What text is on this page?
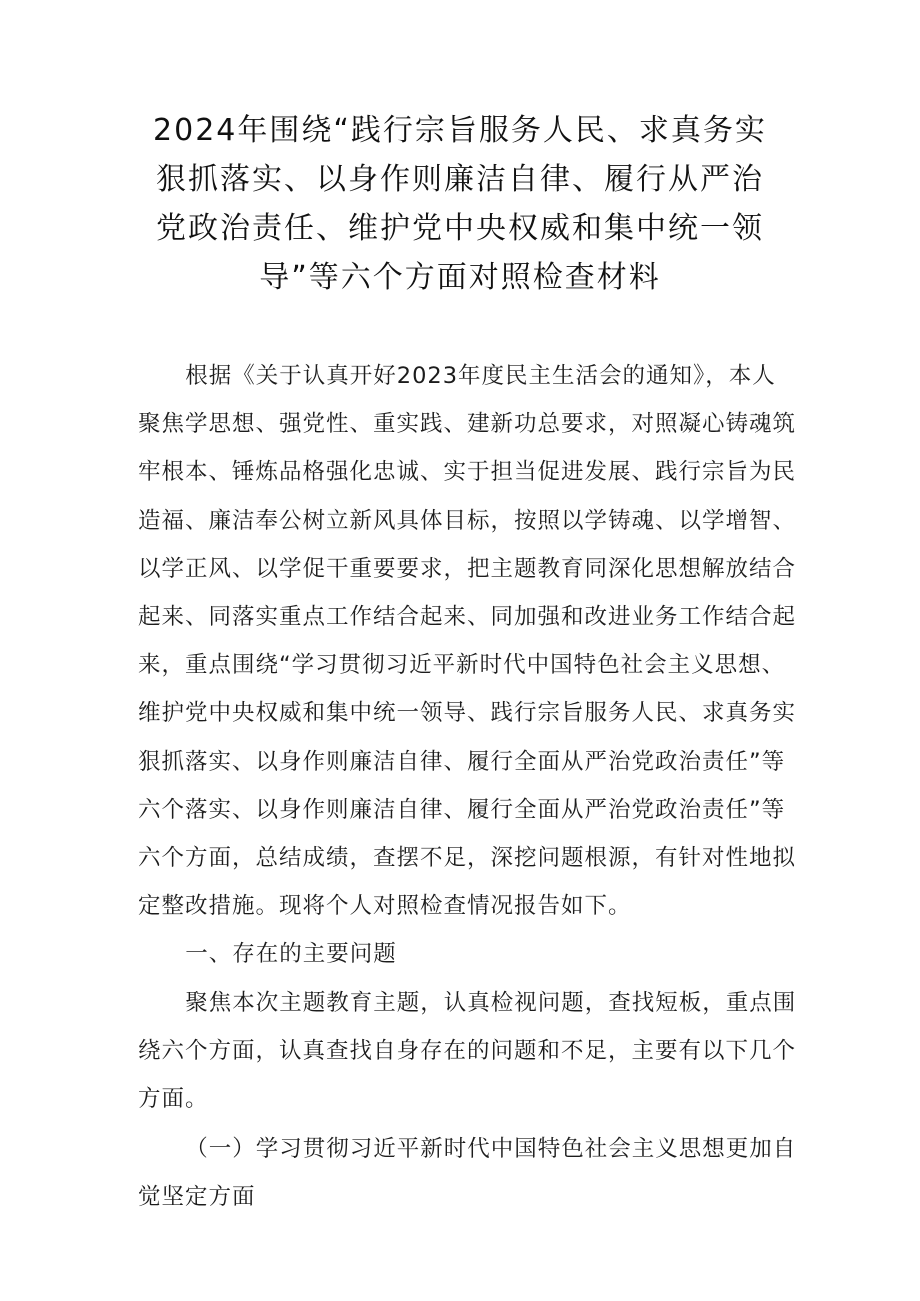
2024年围绕“践行宗旨服务人民、求真务实
狠抓落实、以身作则廉洁自律、履行从严治
党政治责任、维护党中央权威和集中统一领
导”等六个方面对照检查材料
根据《关于认真开好2023年度民主生活会的通知》，本人
聚焦学思想、强党性、重实践、建新功总要求，对照凝心铸魂筑
牢根本、锤炼品格强化忠诚、实于担当促进发展、践行宗旨为民
造福、廉洁奉公树立新风具体目标，按照以学铸魂、以学增智、
以学正风、以学促干重要要求，把主题教育同深化思想解放结合
起来、同落实重点工作结合起来、同加强和改进业务工作结合起
来，重点围绕“学习贯彻习近平新时代中国特色社会主义思想、
维护党中央权威和集中统一领导、践行宗旨服务人民、求真务实
狠抓落实、以身作则廉洁自律、履行全面从严治党政治责任”等
六个落实、以身作则廉洁自律、履行全面从严治党政治责任”等
六个方面，总结成绩，查摆不足，深挖问题根源，有针对性地拟
定整改措施。现将个人对照检查情况报告如下。

一、存在的主要问题

聚焦本次主题教育主题，认真检视问题，查找短板，重点围
绕六个方面，认真查找自身存在的问题和不足，主要有以下几个
方面。
（一）学习贯彻习近平新时代中国特色社会主义思想更加自
觉坚定方面
